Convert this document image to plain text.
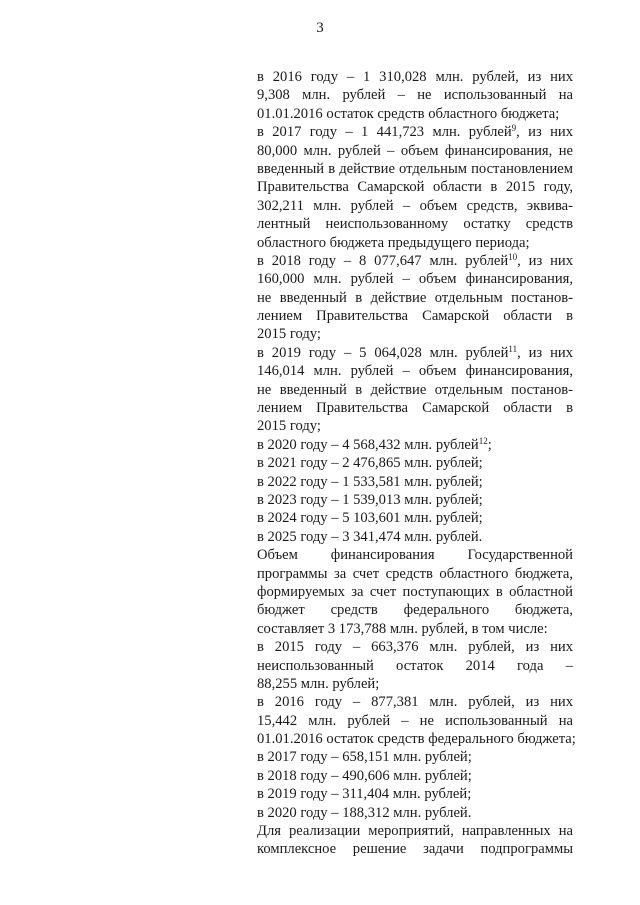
3
в 2016 году – 1 310,028 млн. рублей, из них
9,308 млн. рублей – не использованный на
01.01.2016 остаток средств областного бюджета;
в 2017 году – 1 441,723 млн. рублей$^9$, из них
80,000 млн. рублей – объем финансирования, не
введенный в действие отдельным постановлением
Правительства Самарской области в 2015 году,
302,211 млн. рублей – объем средств, эквива-
лентный неиспользованному остатку средств
областного бюджета предыдущего периода;
в 2018 году – 8 077,647 млн. рублей$^{10}$, из них
160,000 млн. рублей – объем финансирования,
не введенный в действие отдельным постанов-
лением Правительства Самарской области в
2015 году;
в 2019 году – 5 064,028 млн. рублей$^{11}$, из них
146,014 млн. рублей – объем финансирования,
не введенный в действие отдельным постанов-
лением Правительства Самарской области в
2015 году;
в 2020 году – 4 568,432 млн. рублей$^{12}$;
в 2021 году – 2 476,865 млн. рублей;
в 2022 году – 1 533,581 млн. рублей;
в 2023 году – 1 539,013 млн. рублей;
в 2024 году – 5 103,601 млн. рублей;
в 2025 году – 3 341,474 млн. рублей.
Объем финансирования Государственной
программы за счет средств областного бюджета,
формируемых за счет поступающих в областной
бюджет средств федерального бюджета,
составляет 3 173,788 млн. рублей, в том числе:
в 2015 году – 663,376 млн. рублей, из них
неиспользованный остаток 2014 года –
88,255 млн. рублей;
в 2016 году – 877,381 млн. рублей, из них
15,442 млн. рублей – не использованный на
01.01.2016 остаток средств федерального бюджета;
в 2017 году – 658,151 млн. рублей;
в 2018 году – 490,606 млн. рублей;
в 2019 году – 311,404 млн. рублей;
в 2020 году – 188,312 млн. рублей.
Для реализации мероприятий, направленных на
комплексное решение задачи подпрограммы
